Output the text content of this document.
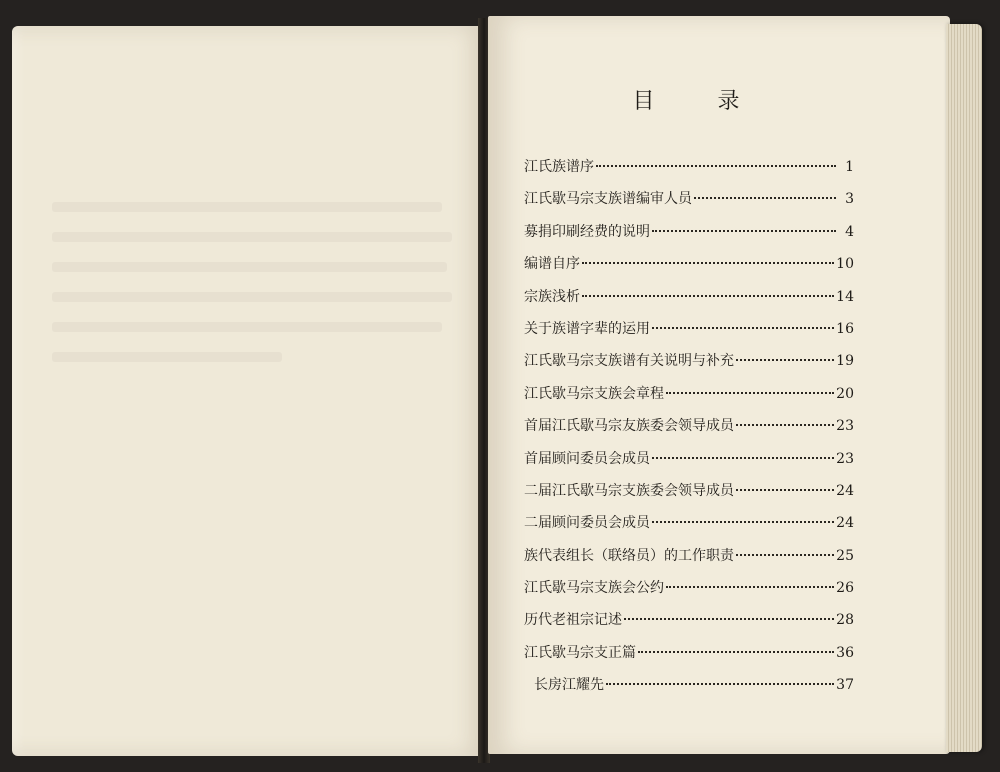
目 录
江氏族谱序	1
江氏歇马宗支族谱编审人员	3
募捐印刷经费的说明	4
编谱自序	10
宗族浅析	14
关于族谱字辈的运用	16
江氏歇马宗支族谱有关说明与补充	19
江氏歇马宗支族会章程	20
首届江氏歇马宗友族委会领导成员	23
首届顾问委员会成员	23
二届江氏歇马宗支族委会领导成员	24
二届顾问委员会成员	24
族代表组长（联络员）的工作职责	25
江氏歇马宗支族会公约	26
历代老祖宗记述	28
江氏歇马宗支正篇	36
长房江耀先	37
